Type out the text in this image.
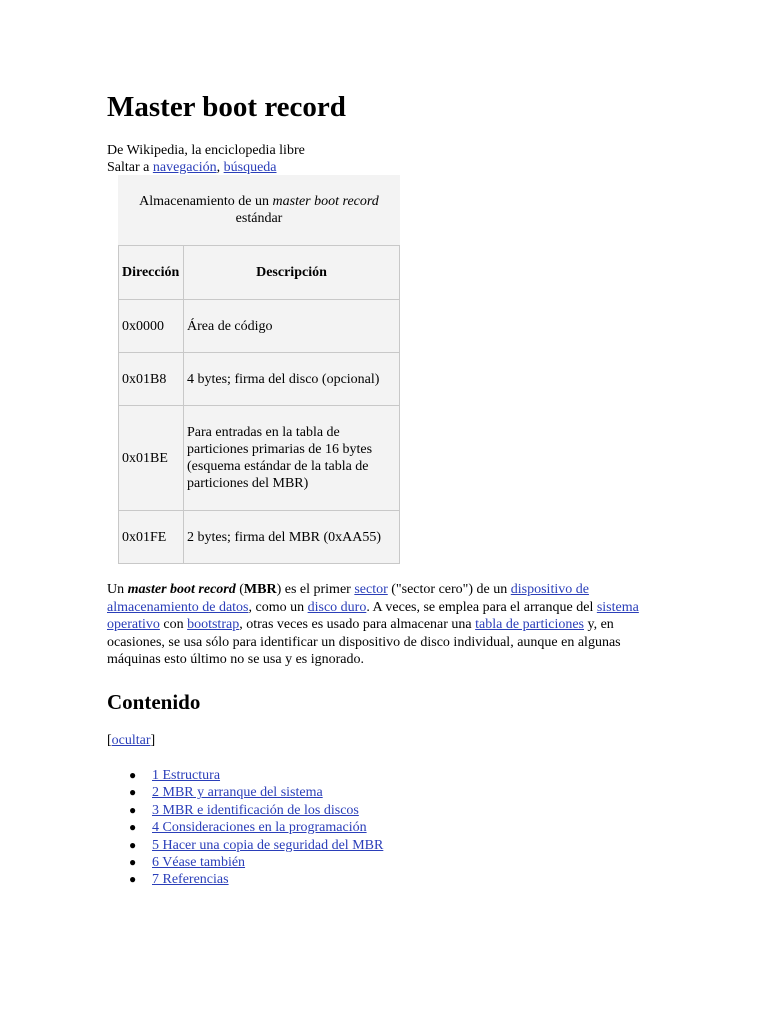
Master boot record
De Wikipedia, la enciclopedia libre
Saltar a navegación, búsqueda
Almacenamiento de un master boot record
estándar	
Dirección	Descripción
0x0000	Área de código
0x01B8	4 bytes; firma del disco (opcional)
0x01BE	Para entradas en la tabla de particiones primarias de 16 bytes (esquema estándar de la tabla de particiones del MBR)
0x01FE	2 bytes; firma del MBR (0xAA55)
Un master boot record (MBR) es el primer sector ("sector cero") de un dispositivo de almacenamiento de datos, como un disco duro. A veces, se emplea para el arranque del sistema operativo con bootstrap, otras veces es usado para almacenar una tabla de particiones y, en ocasiones, se usa sólo para identificar un dispositivo de disco individual, aunque en algunas máquinas esto último no se usa y es ignorado.
Contenido
[ocultar]
● 1 Estructura
● 2 MBR y arranque del sistema
● 3 MBR e identificación de los discos
● 4 Consideraciones en la programación
● 5 Hacer una copia de seguridad del MBR
● 6 Véase también
● 7 Referencias
